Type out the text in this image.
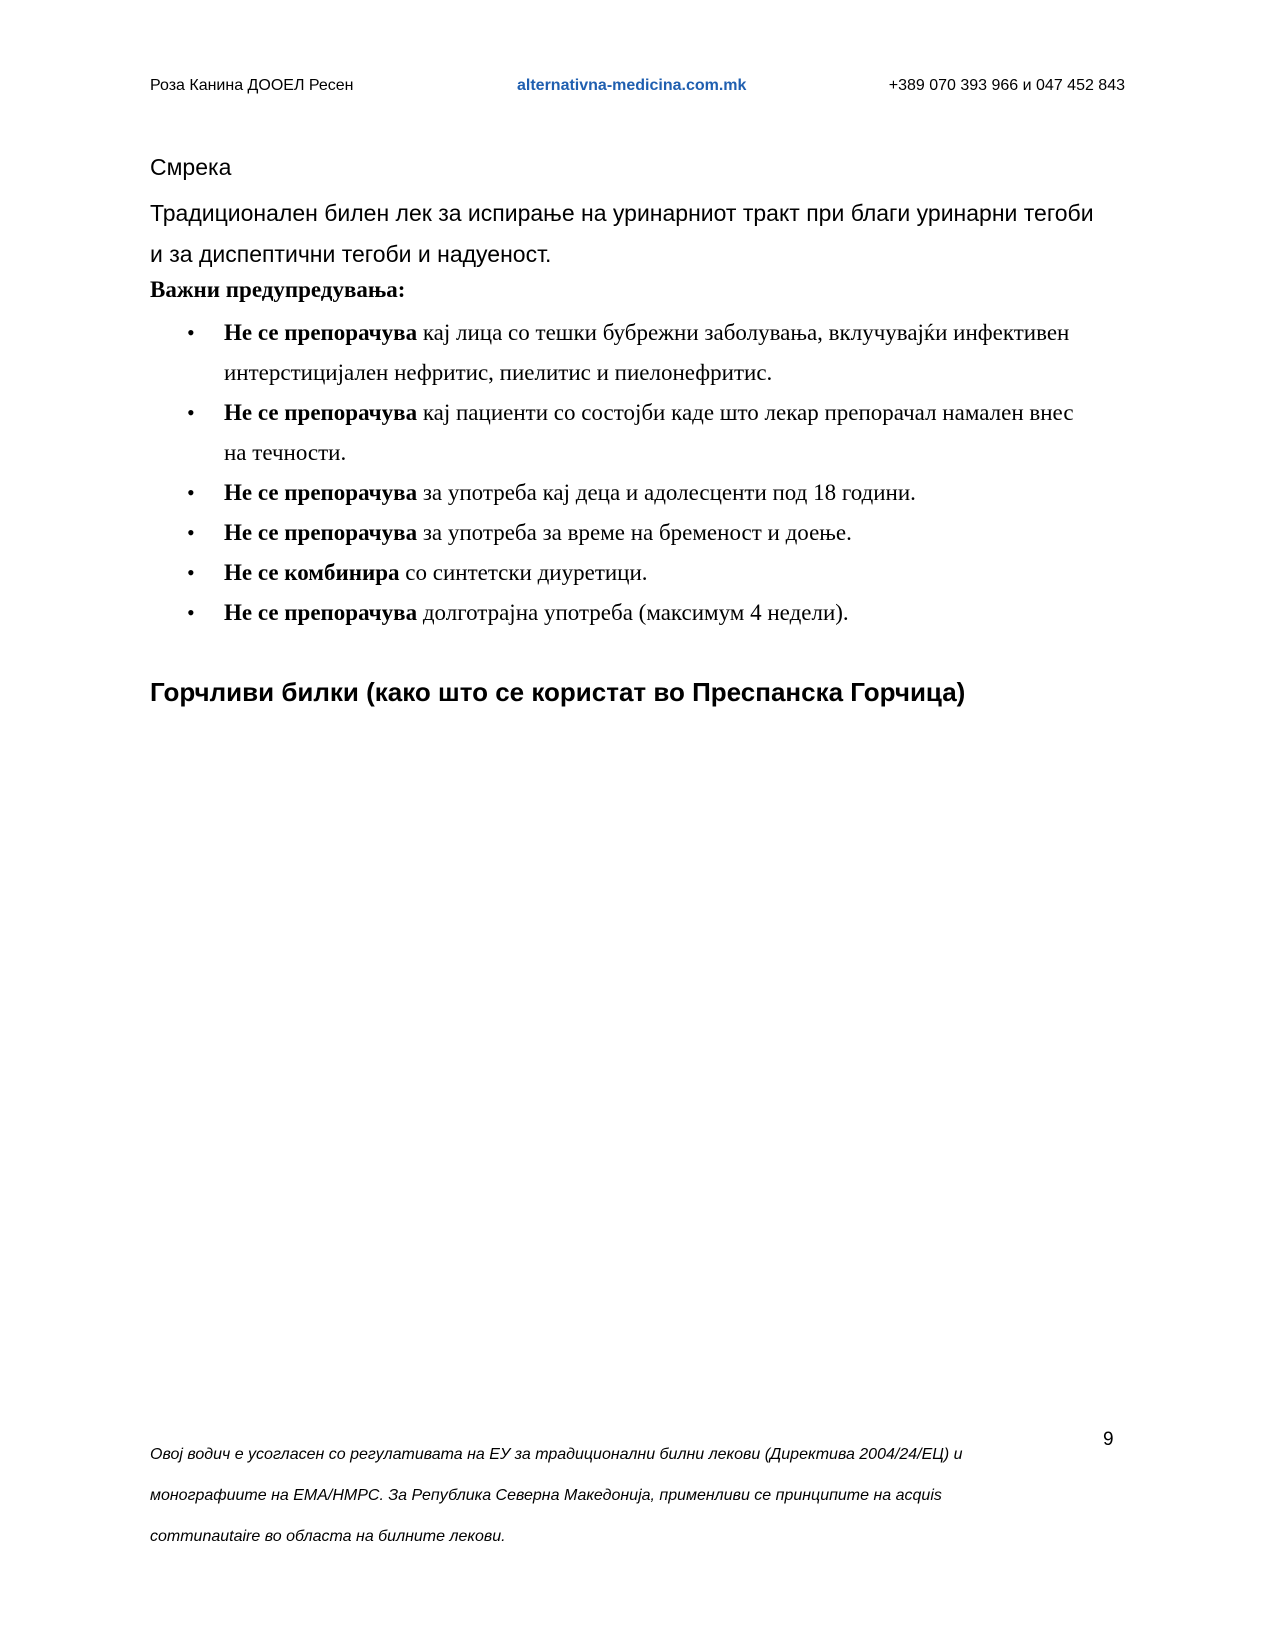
Роза Канина ДООЕЛ Ресен	alternativna-medicina.com.mk	+389 070 393 966 и 047 452 843
Смрека

Традиционален билен лек за испирање на уринарниот тракт при благи уринарни тегоби и за диспептични тегоби и надуеност.

Важни предупредувања:
• Не се препорачува кај лица со тешки бубрежни заболувања, вклучувајќи инфективен интерстицијален нефритис, пиелитис и пиелонефритис.
• Не се препорачува кај пациенти со состојби каде што лекар препорачал намален внес на течности.
• Не се препорачува за употреба кај деца и адолесценти под 18 години.
• Не се препорачува за употреба за време на бременост и доење.
• Не се комбинира со синтетски диуретици.
• Не се препорачува долготрајна употреба (максимум 4 недели).
Горчливи билки (како што се користат во Преспанска Горчица)
9

Овој водич е усогласен со регулативата на ЕУ за традиционални билни лекови (Директива 2004/24/ЕЦ) и монографиите на ЕМА/HMPC. За Република Северна Македонија, применливи се принципите на acquis communautaire во областа на билните лекови.
